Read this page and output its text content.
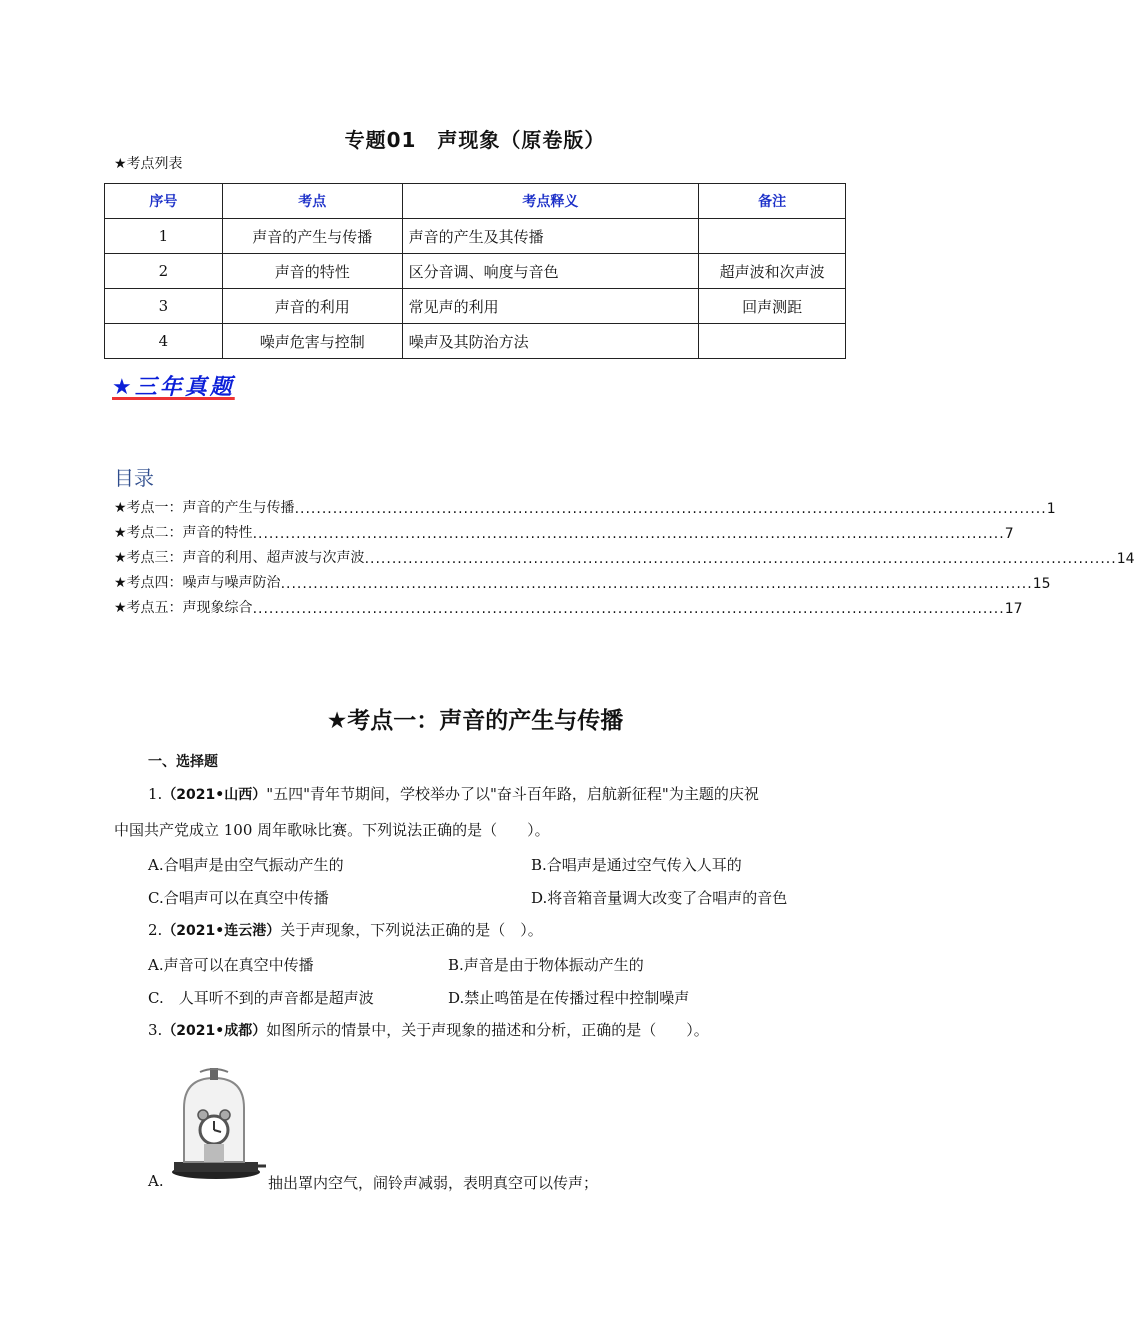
专题01　声现象（原卷版）
★考点列表
序号	考点	考点释义	备注
1	声音的产生与传播	声音的产生及其传播	
2	声音的特性	区分音调、响度与音色	超声波和次声波
3	声音的利用	常见声的利用	回声测距
4	噪声危害与控制	噪声及其防治方法	
★三年真题
目录
★考点一：声音的产生与传播 .......................................................................................................................................... 1
★考点二：声音的特性 .......................................................................................................................................... 7
★考点三：声音的利用、超声波与次声波 .......................................................................................................................................... 14
★考点四：噪声与噪声防治 .......................................................................................................................................... 15
★考点五：声现象综合 .......................................................................................................................................... 17
★考点一：声音的产生与传播
一、选择题
1.（2021•山西）"五四"青年节期间，学校举办了以"奋斗百年路，启航新征程"为主题的庆祝
中国共产党成立 100 周年歌咏比赛。下列说法正确的是（　　）。
A.合唱声是由空气振动产生的	B.合唱声是通过空气传入人耳的
C.合唱声可以在真空中传播	D.将音箱音量调大改变了合唱声的音色
2.（2021•连云港）关于声现象，下列说法正确的是（　）。
A.声音可以在真空中传播	B.声音是由于物体振动产生的
C.　人耳听不到的声音都是超声波	D.禁止鸣笛是在传播过程中控制噪声
3.（2021•成都）如图所示的情景中，关于声现象的描述和分析，正确的是（　　）。
A.	抽出罩内空气，闹铃声减弱，表明真空可以传声；
